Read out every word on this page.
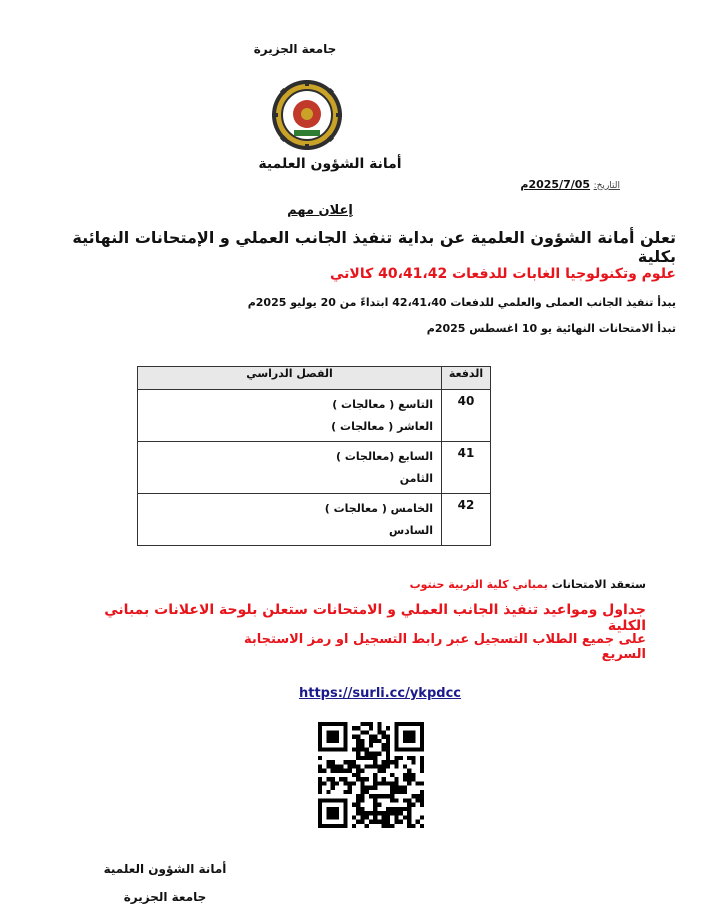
جامعة الجزيرة
أمانة الشؤون العلمية
التاريخ: 2025/7/05م
إعلان مهم
تعلن أمانة الشؤون العلمية عن بداية تنفيذ الجانب العملي و الإمتحانات النهائية بكلية
علوم وتكنولوجيا الغابات للدفعات 40،41،42 كالاتي
يبدأ تنفيذ الجانب العملى والعلمي للدفعات 42،41،40 ابتداءً من 20 يوليو 2025م
تبدأ الامتحانات النهائية يو 10 اغسطس 2025م
الفصل الدراسي	الدفعة

التاسع ( معالجات )
العاشر ( معالجات )	40

السابع (معالجات )
الثامن	41

الخامس ( معالجات )
السادس	42
ستعقد الامتحانات بمباني كلية التربية حنتوب
جداول ومواعيد تنفيذ الجانب العملي و الامتحانات ستعلن بلوحة الاعلانات بمباني الكلية
على جميع الطلاب التسجيل عبر رابط التسجيل او رمز الاستجابة السريع
https://surli.cc/ykpdcc
أمانة الشؤون العلمية
جامعة الجزيرة
